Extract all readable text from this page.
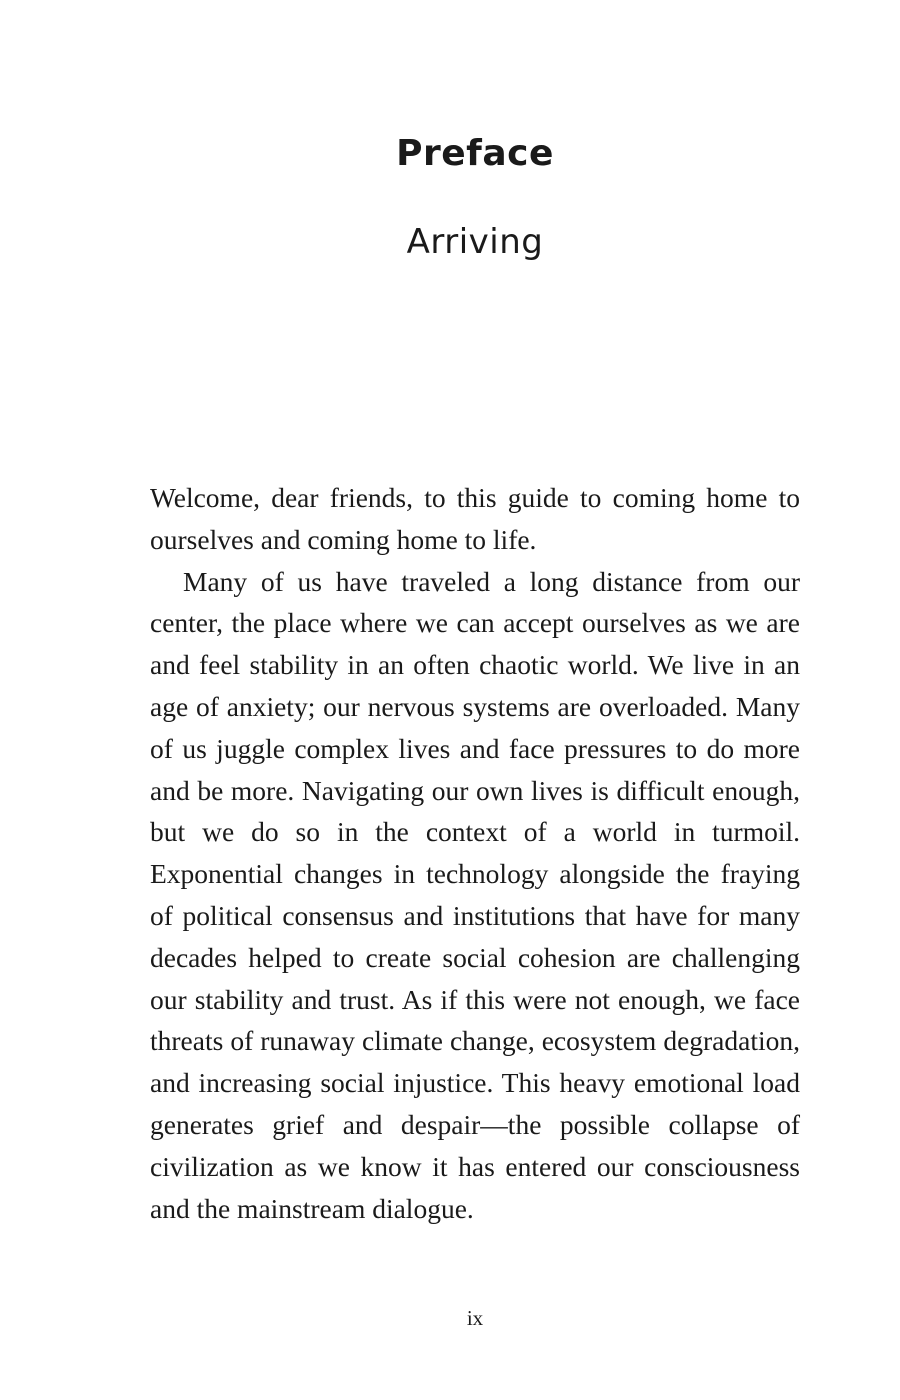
Preface
Arriving

Welcome, dear friends, to this guide to coming home to ourselves and coming home to life.

Many of us have traveled a long distance from our center, the place where we can accept ourselves as we are and feel stability in an often chaotic world. We live in an age of anxiety; our nervous systems are overloaded. Many of us juggle complex lives and face pressures to do more and be more. Navigating our own lives is difficult enough, but we do so in the context of a world in turmoil. Exponential changes in technology alongside the fraying of political consensus and institutions that have for many decades helped to create social cohesion are challenging our stability and trust. As if this were not enough, we face threats of runaway climate change, ecosystem degradation, and increasing social injustice. This heavy emotional load generates grief and despair—the possible collapse of civilization as we know it has entered our consciousness and the mainstream dialogue.

ix
